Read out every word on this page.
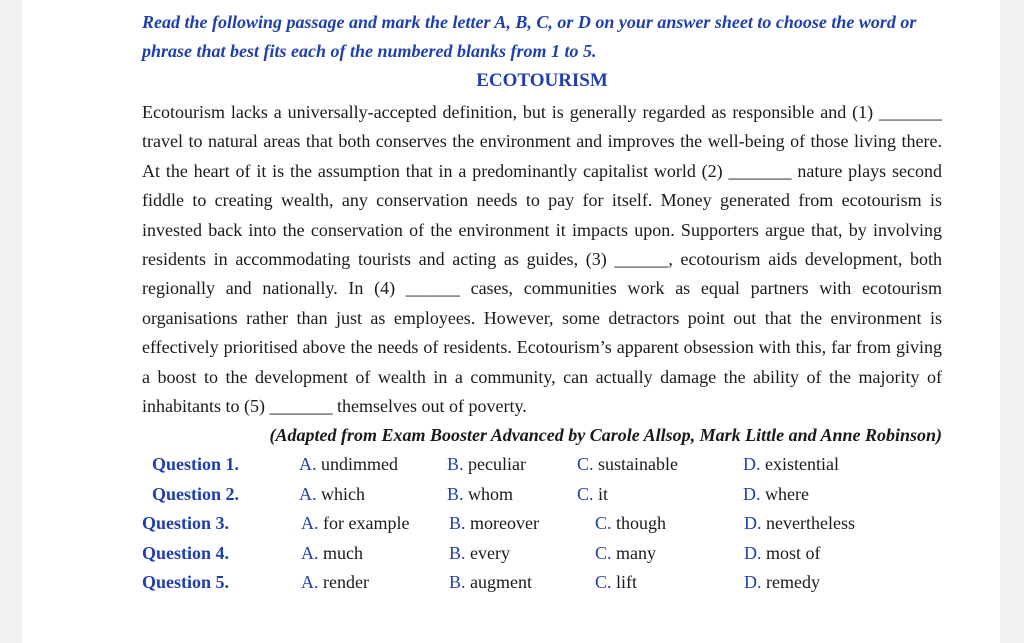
Read the following passage and mark the letter A, B, C, or D on your answer sheet to choose the word or phrase that best fits each of the numbered blanks from 1 to 5.

ECOTOURISM

Ecotourism lacks a universally-accepted definition, but is generally regarded as responsible and (1) _______ travel to natural areas that both conserves the environment and improves the well-being of those living there. At the heart of it is the assumption that in a predominantly capitalist world (2) _______ nature plays second fiddle to creating wealth, any conservation needs to pay for itself. Money generated from ecotourism is invested back into the conservation of the environment it impacts upon. Supporters argue that, by involving residents in accommodating tourists and acting as guides, (3) ______, ecotourism aids development, both regionally and nationally. In (4) ______ cases, communities work as equal partners with ecotourism organisations rather than just as employees. However, some detractors point out that the environment is effectively prioritised above the needs of residents. Ecotourism’s apparent obsession with this, far from giving a boost to the development of wealth in a community, can actually damage the ability of the majority of inhabitants to (5) _______ themselves out of poverty.

(Adapted from Exam Booster Advanced by Carole Allsop, Mark Little and Anne Robinson)

Question 1.	A. undimmed	B. peculiar	C. sustainable	D. existential
Question 2.	A. which	B. whom	C. it	D. where
Question 3.	A. for example B. moreover	C. though	D. nevertheless
Question 4.	A. much	B. every	C. many	D. most of
Question 5.	A. render	B. augment	C. lift	D. remedy
